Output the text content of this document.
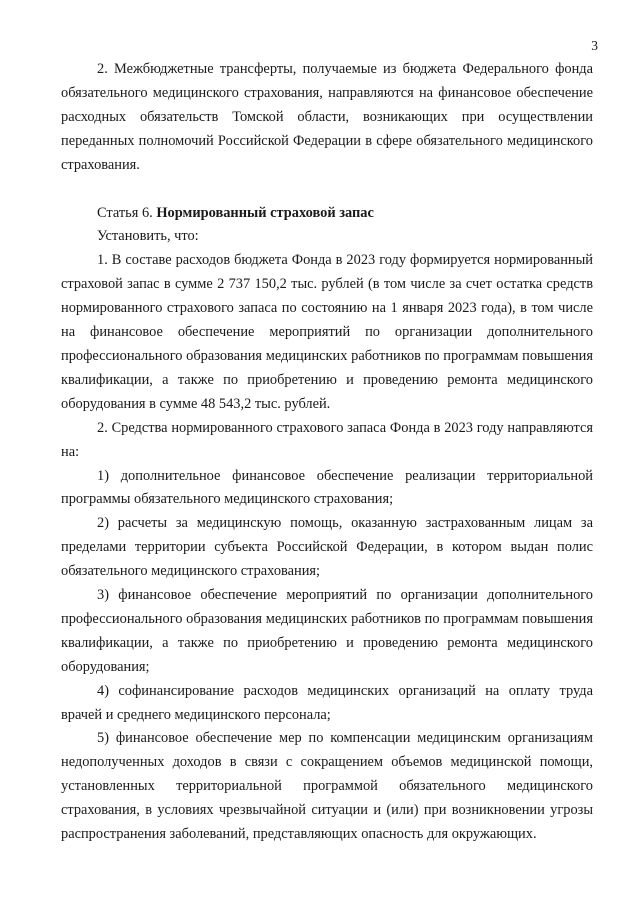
3

2. Межбюджетные трансферты, получаемые из бюджета Федерального фонда обязательного медицинского страхования, направляются на финансовое обеспечение расходных обязательств Томской области, возникающих при осуществлении переданных полномочий Российской Федерации в сфере обязательного медицинского страхования.

Статья 6. Нормированный страховой запас

Установить, что:

1. В составе расходов бюджета Фонда в 2023 году формируется нормированный страховой запас в сумме 2 737 150,2 тыс. рублей (в том числе за счет остатка средств нормированного страхового запаса по состоянию на 1 января 2023 года), в том числе на финансовое обеспечение мероприятий по организации дополнительного профессионального образования медицинских работников по программам повышения квалификации, а также по приобретению и проведению ремонта медицинского оборудования в сумме 48 543,2 тыс. рублей.

2. Средства нормированного страхового запаса Фонда в 2023 году направляются на:

1) дополнительное финансовое обеспечение реализации территориальной программы обязательного медицинского страхования;

2) расчеты за медицинскую помощь, оказанную застрахованным лицам за пределами территории субъекта Российской Федерации, в котором выдан полис обязательного медицинского страхования;

3) финансовое обеспечение мероприятий по организации дополнительного профессионального образования медицинских работников по программам повышения квалификации, а также по приобретению и проведению ремонта медицинского оборудования;

4) софинансирование расходов медицинских организаций на оплату труда врачей и среднего медицинского персонала;

5) финансовое обеспечение мер по компенсации медицинским организациям недополученных доходов в связи с сокращением объемов медицинской помощи, установленных территориальной программой обязательного медицинского страхования, в условиях чрезвычайной ситуации и (или) при возникновении угрозы распространения заболеваний, представляющих опасность для окружающих.
